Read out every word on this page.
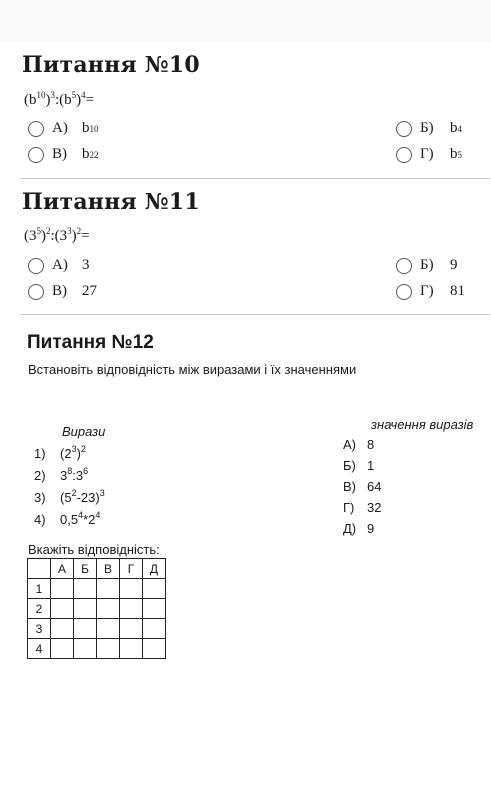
Питання №10
$(b^{10})^3:(b^5)^4=$
А) b 10	Б)	b 4
В)	b 22	Г)	b 5
Питання №11
$(3^5)^2:(3^3)^2=$
А) 3	Б)	9
В)	27	Г)	81
Питання №12
Встановіть відповідність між виразами і їх значеннями
Вирази	значення виразів
1)	$(2^3)^2$
2)	$3^8:3^6$
3)	$(5^2-23)^3$
4)	$0,5^4*2^4$
А) 8
Б) 1
В) 64
Г) 32
Д) 9
Вкажіть відповідність:
	А	Б	В	Г	Д
1					
2					
3					
4					
